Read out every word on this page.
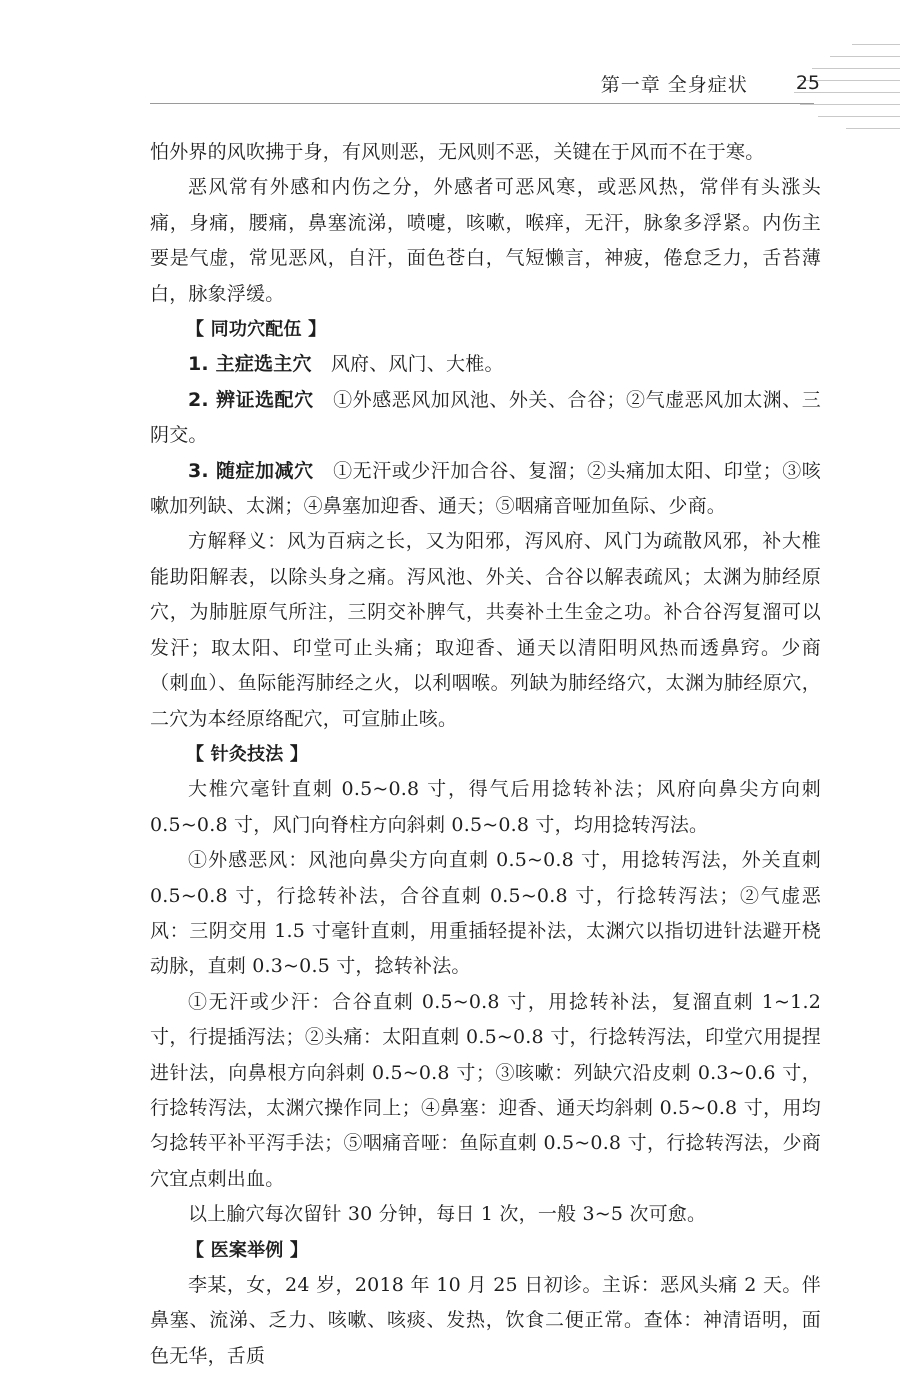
第一章 全身症状	25

怕外界的风吹拂于身，有风则恶，无风则不恶，关键在于风而不在于寒。

恶风常有外感和内伤之分，外感者可恶风寒，或恶风热，常伴有头涨头痛，身痛，腰痛，鼻塞流涕，喷嚏，咳嗽，喉痒，无汗，脉象多浮紧。内伤主要是气虚，常见恶风，自汗，面色苍白，气短懒言，神疲，倦怠乏力，舌苔薄白，脉象浮缓。

【 同功穴配伍 】

1. 主症选主穴  风府、风门、大椎。

2. 辨证选配穴  ①外感恶风加风池、外关、合谷；②气虚恶风加太渊、三阴交。

3. 随症加减穴  ①无汗或少汗加合谷、复溜；②头痛加太阳、印堂；③咳嗽加列缺、太渊；④鼻塞加迎香、通天；⑤咽痛音哑加鱼际、少商。

方解释义：风为百病之长，又为阳邪，泻风府、风门为疏散风邪，补大椎能助阳解表，以除头身之痛。泻风池、外关、合谷以解表疏风；太渊为肺经原穴，为肺脏原气所注，三阴交补脾气，共奏补土生金之功。补合谷泻复溜可以发汗；取太阳、印堂可止头痛；取迎香、通天以清阳明风热而透鼻窍。少商（刺血）、鱼际能泻肺经之火，以利咽喉。列缺为肺经络穴，太渊为肺经原穴，二穴为本经原络配穴，可宣肺止咳。

【 针灸技法 】

大椎穴毫针直刺 0.5~0.8 寸，得气后用捻转补法；风府向鼻尖方向刺 0.5~0.8 寸，风门向脊柱方向斜刺 0.5~0.8 寸，均用捻转泻法。

①外感恶风：风池向鼻尖方向直刺 0.5~0.8 寸，用捻转泻法，外关直刺 0.5~0.8 寸，行捻转补法，合谷直刺 0.5~0.8 寸，行捻转泻法；②气虚恶风：三阴交用 1.5 寸毫针直刺，用重插轻提补法，太渊穴以指切进针法避开桡动脉，直刺 0.3~0.5 寸，捻转补法。

①无汗或少汗：合谷直刺 0.5~0.8 寸，用捻转补法，复溜直刺 1~1.2 寸，行提插泻法；②头痛：太阳直刺 0.5~0.8 寸，行捻转泻法，印堂穴用提捏进针法，向鼻根方向斜刺 0.5~0.8 寸；③咳嗽：列缺穴沿皮刺 0.3~0.6 寸，行捻转泻法，太渊穴操作同上；④鼻塞：迎香、通天均斜刺 0.5~0.8 寸，用均匀捻转平补平泻手法；⑤咽痛音哑：鱼际直刺 0.5~0.8 寸，行捻转泻法，少商穴宜点刺出血。

以上腧穴每次留针 30 分钟，每日 1 次，一般 3~5 次可愈。

【 医案举例 】

李某，女，24 岁，2018 年 10 月 25 日初诊。主诉：恶风头痛 2 天。伴鼻塞、流涕、乏力、咳嗽、咳痰、发热，饮食二便正常。查体：神清语明，面色无华，舌质
